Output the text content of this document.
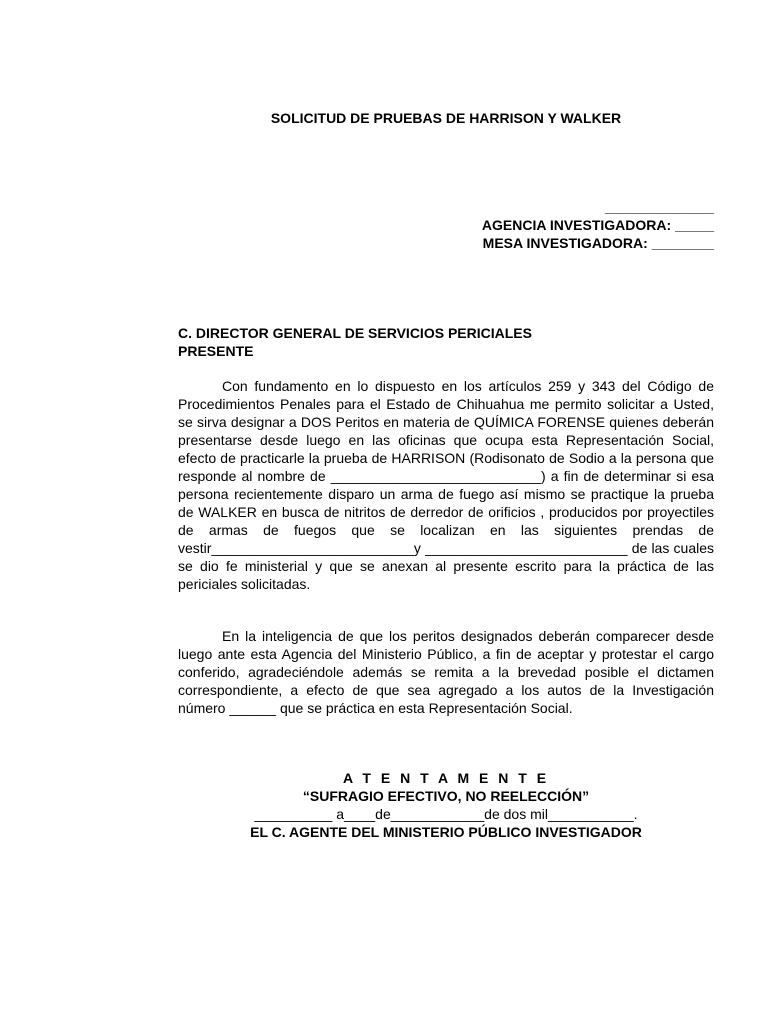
SOLICITUD DE PRUEBAS DE HARRISON Y WALKER
______________
AGENCIA INVESTIGADORA: _____
MESA INVESTIGADORA: ________
C. DIRECTOR GENERAL DE SERVICIOS PERICIALES
PRESENTE

Con fundamento en lo dispuesto en los artículos 259 y 343 del Código de Procedimientos Penales para el Estado de Chihuahua me permito solicitar a Usted, se sirva designar a DOS Peritos en materia de QUÍMICA FORENSE quienes deberán presentarse desde luego en las oficinas que ocupa esta Representación Social, efecto de practicarle la prueba de HARRISON (Rodisonato de Sodio a la persona que responde al nombre de ___________________________) a fin de determinar si esa persona recientemente disparo un arma de fuego así mismo se practique la prueba de WALKER en busca de nitritos de derredor de orificios , producidos por proyectiles de armas de fuegos que se localizan en las siguientes prendas de vestir__________________________y __________________________ de las cuales se dio fe ministerial y que se anexan al presente escrito para la práctica de las periciales solicitadas.

En la inteligencia de que los peritos designados deberán comparecer desde luego ante esta Agencia del Ministerio Público, a fin de aceptar y protestar el cargo conferido, agradeciéndole además se remita a la brevedad posible el dictamen correspondiente, a efecto de que sea agregado a los autos de la Investigación número ______ que se práctica en esta Representación Social.

A T E N T A M E N T E
“SUFRAGIO EFECTIVO, NO REELECCIÓN”
__________ a____de____________de dos mil___________.
EL C. AGENTE DEL MINISTERIO PÚBLICO INVESTIGADOR
